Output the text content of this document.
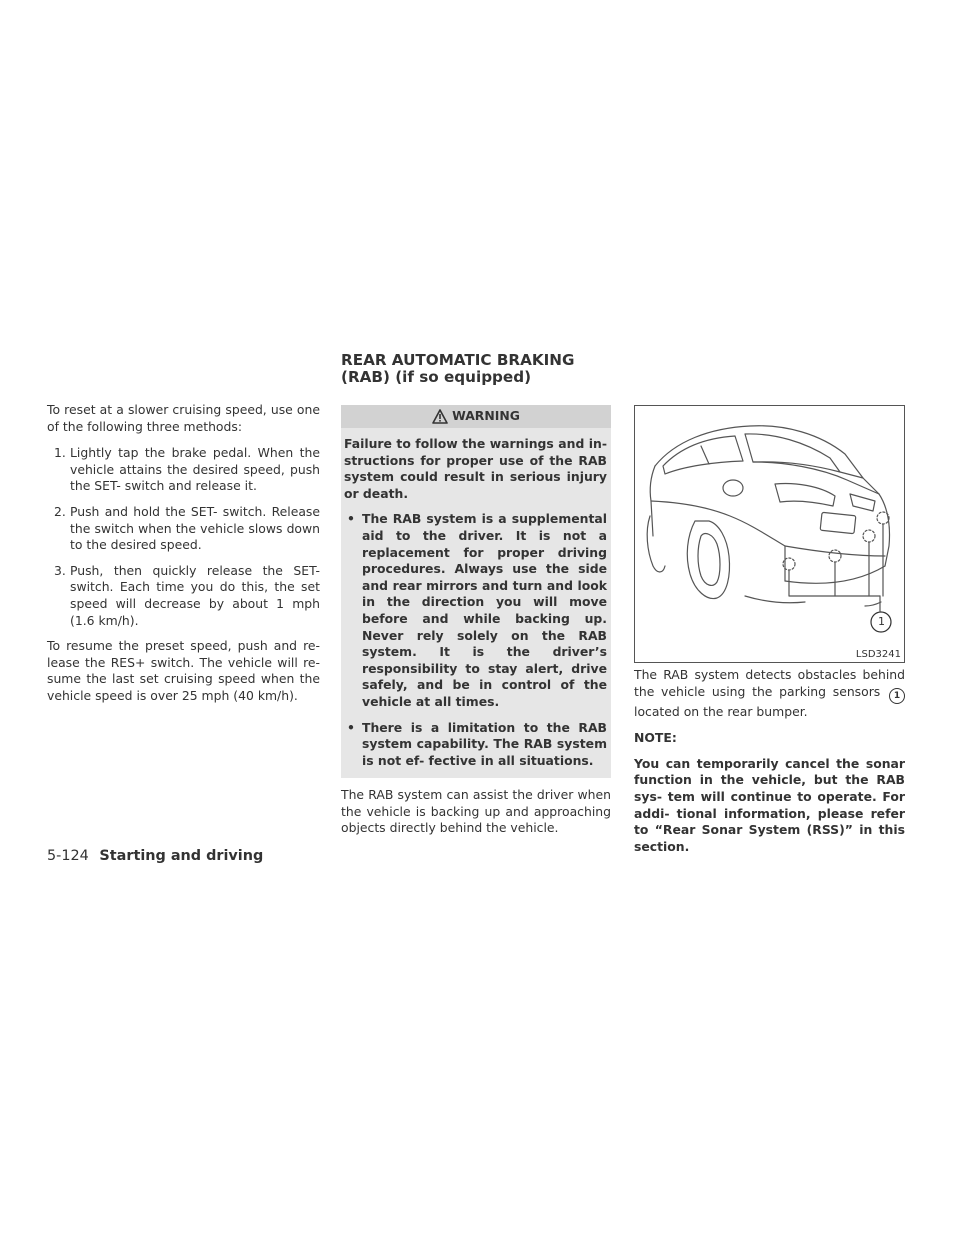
To reset at a slower cruising speed, use one of the following three methods:

1. Lightly tap the brake pedal. When the vehicle attains the desired speed, push the SET- switch and release it.
2. Push and hold the SET- switch. Release the switch when the vehicle slows down to the desired speed.
3. Push, then quickly release the SET- switch. Each time you do this, the set speed will decrease by about 1 mph (1.6 km/h).

To resume the preset speed, push and re- lease the RES+ switch. The vehicle will re- sume the last set cruising speed when the vehicle speed is over 25 mph (40 km/h).

REAR AUTOMATIC BRAKING (RAB) (if so equipped)
WARNING

Failure to follow the warnings and in- structions for proper use of the RAB system could result in serious injury or death.

• The RAB system is a supplemental aid to the driver. It is not a replacement for proper driving procedures. Always use the side and rear mirrors and turn and look in the direction you will move before and while backing up. Never rely solely on the RAB system. It is the driver’s responsibility to stay alert, drive safely, and be in control of the vehicle at all times.
• There is a limitation to the RAB system capability. The RAB system is not ef- fective in all situations.

The RAB system can assist the driver when the vehicle is backing up and approaching objects directly behind the vehicle.

1
LSD3241

The RAB system detects obstacles behind the vehicle using the parking sensors 1 located on the rear bumper.

NOTE:

You can temporarily cancel the sonar function in the vehicle, but the RAB sys- tem will continue to operate. For addi- tional information, please refer to “Rear Sonar System (RSS)” in this section.

5-124 Starting and driving
